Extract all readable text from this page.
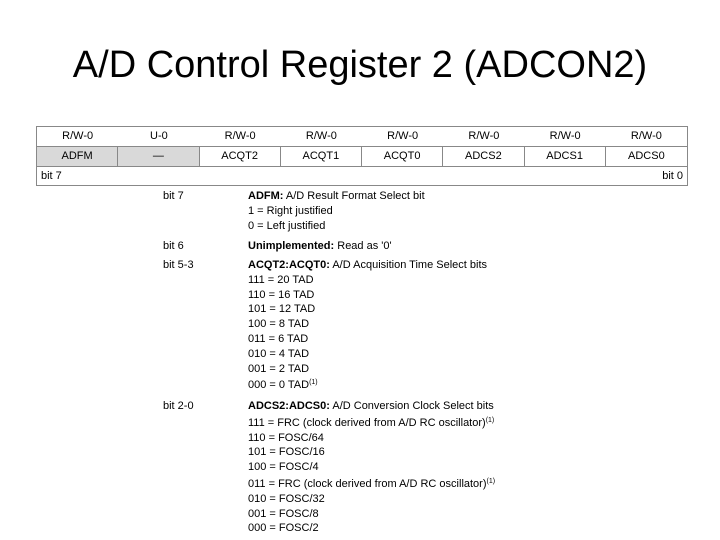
A/D Control Register 2 (ADCON2)
R/W-0	U-0	R/W-0	R/W-0	R/W-0	R/W-0	R/W-0	R/W-0
ADFM	—	ACQT2	ACQT1	ACQT0	ADCS2	ADCS1	ADCS0
bit 7	bit 0
bit 7	ADFM: A/D Result Format Select bit
1 = Right justified
0 = Left justified
bit 6	Unimplemented: Read as '0'
bit 5-3	ACQT2:ACQT0: A/D Acquisition Time Select bits
111 = 20 TAD
110 = 16 TAD
101 = 12 TAD
100 = 8 TAD
011 = 6 TAD
010 = 4 TAD
001 = 2 TAD
000 = 0 TAD$^{(1)}$
bit 2-0	ADCS2:ADCS0: A/D Conversion Clock Select bits
111 = FRC (clock derived from A/D RC oscillator)$^{(1)}$
110 = FOSC/64
101 = FOSC/16
100 = FOSC/4
011 = FRC (clock derived from A/D RC oscillator)$^{(1)}$
010 = FOSC/32
001 = FOSC/8
000 = FOSC/2
